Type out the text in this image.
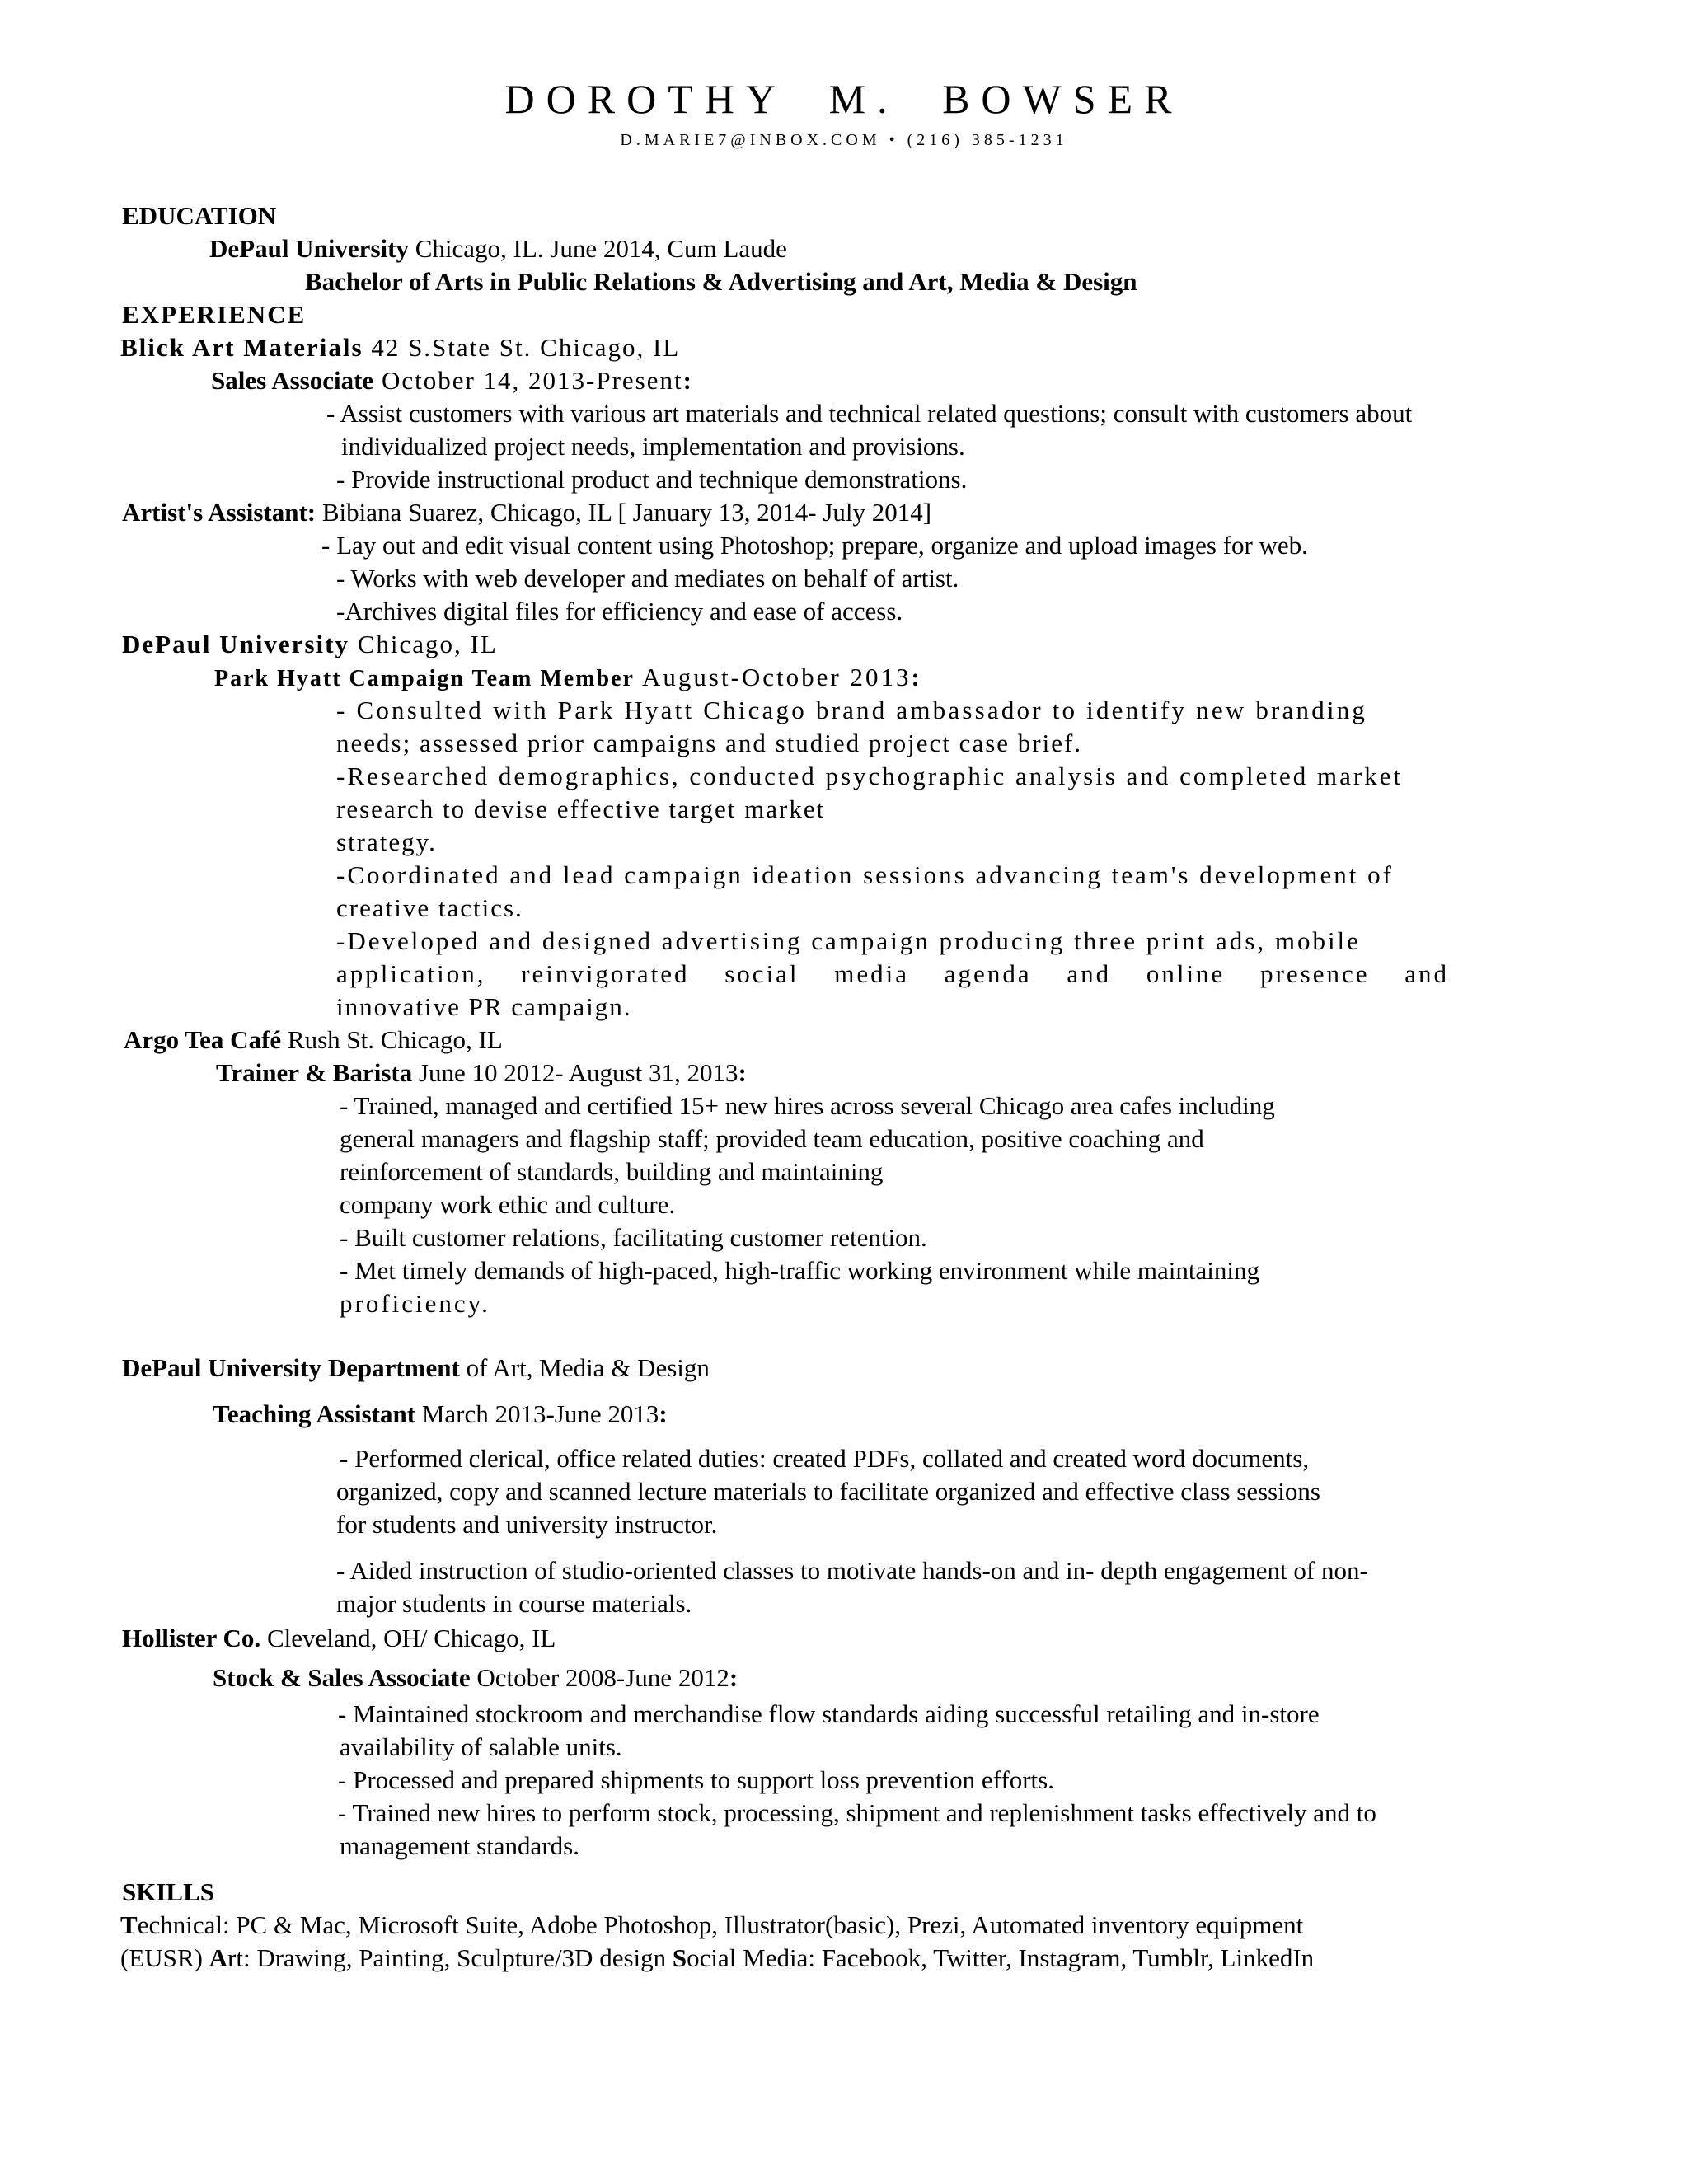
DOROTHY M. BOWSER
D.MARIE7@INBOX.COM • (216) 385-1231
EDUCATION
DePaul University Chicago, IL. June 2014, Cum Laude
Bachelor of Arts in Public Relations & Advertising and Art, Media & Design
EXPERIENCE
Blick Art Materials 42 S.State St. Chicago, IL
Sales Associate October 14, 2013-Present:
- Assist customers with various art materials and technical related questions; consult with customers about
individualized project needs, implementation and provisions.
- Provide instructional product and technique demonstrations.
Artist's Assistant: Bibiana Suarez, Chicago, IL [ January 13, 2014- July 2014]
- Lay out and edit visual content using Photoshop; prepare, organize and upload images for web.
- Works with web developer and mediates on behalf of artist.
-Archives digital files for efficiency and ease of access.
DePaul University Chicago, IL
Park Hyatt Campaign Team Member August-October 2013:
- Consulted with Park Hyatt Chicago brand ambassador to identify new branding
needs; assessed prior campaigns and studied project case brief.
-Researched demographics, conducted psychographic analysis and completed market
research to devise effective target market
strategy.
-Coordinated and lead campaign ideation sessions advancing team's development of
creative tactics.
-Developed and designed advertising campaign producing three print ads, mobile
application, reinvigorated social media agenda and online presence and
innovative PR campaign.
Argo Tea Café Rush St. Chicago, IL
Trainer & Barista June 10 2012- August 31, 2013:
- Trained, managed and certified 15+ new hires across several Chicago area cafes including
general managers and flagship staff; provided team education, positive coaching and
reinforcement of standards, building and maintaining
company work ethic and culture.
- Built customer relations, facilitating customer retention.
- Met timely demands of high-paced, high-traffic working environment while maintaining
proficiency.
DePaul University Department of Art, Media & Design
Teaching Assistant March 2013-June 2013:
- Performed clerical, office related duties: created PDFs, collated and created word documents,
organized, copy and scanned lecture materials to facilitate organized and effective class sessions
for students and university instructor.
- Aided instruction of studio-oriented classes to motivate hands-on and in- depth engagement of non-
major students in course materials.
Hollister Co. Cleveland, OH/ Chicago, IL
Stock & Sales Associate October 2008-June 2012:
- Maintained stockroom and merchandise flow standards aiding successful retailing and in-store
availability of salable units.
- Processed and prepared shipments to support loss prevention efforts.
- Trained new hires to perform stock, processing, shipment and replenishment tasks effectively and to
management standards.
SKILLS
Technical: PC & Mac, Microsoft Suite, Adobe Photoshop, Illustrator(basic), Prezi, Automated inventory equipment
(EUSR) Art: Drawing, Painting, Sculpture/3D design Social Media: Facebook, Twitter, Instagram, Tumblr, LinkedIn
